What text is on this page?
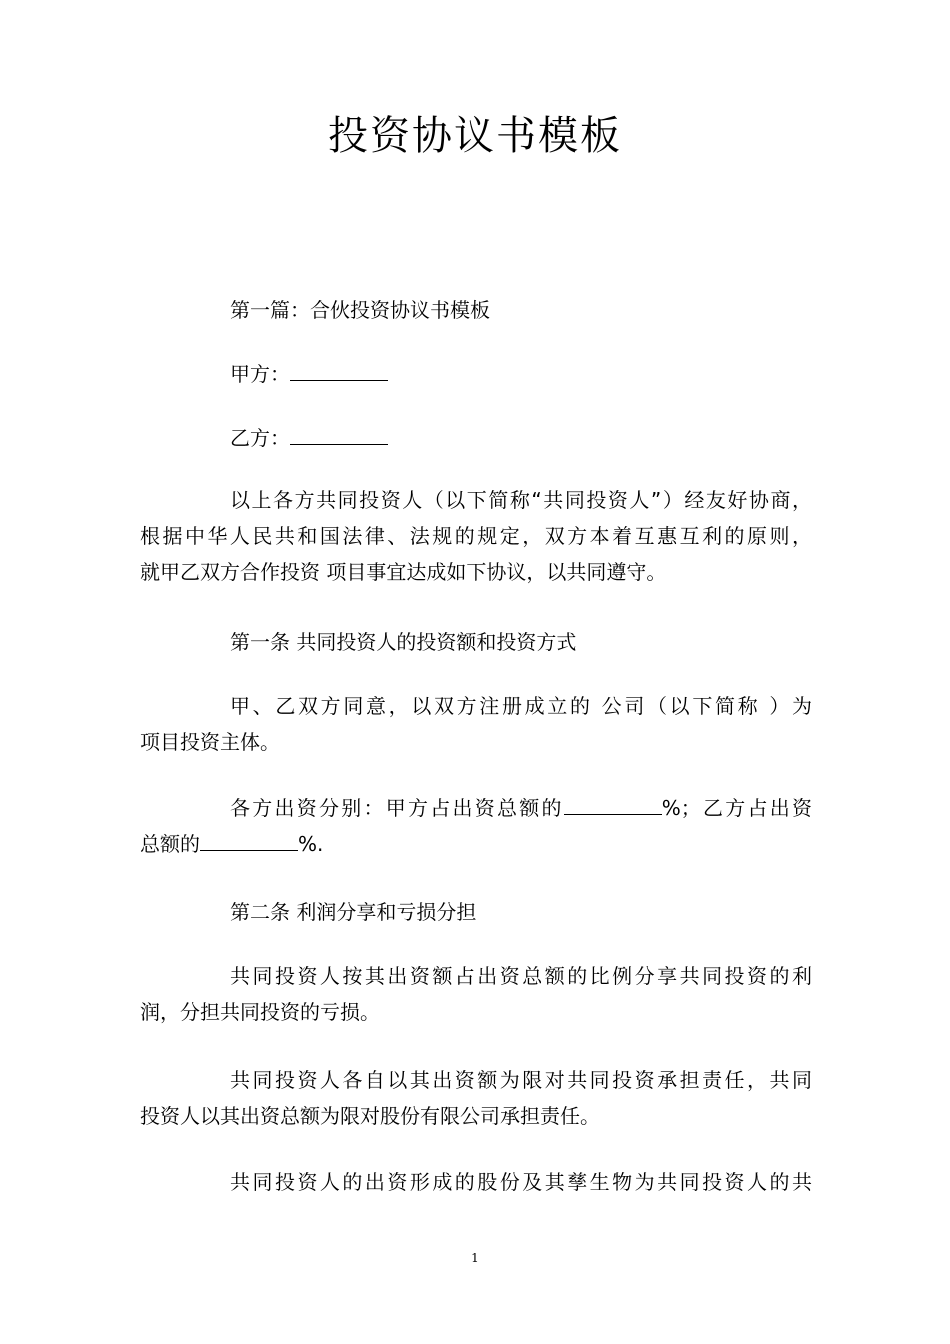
投资协议书模板
第一篇：合伙投资协议书模板
甲方：
乙方：
以上各方共同投资人（以下简称“共同投资人”）经友好协商，
根据中华人民共和国法律、法规的规定，双方本着互惠互利的原则，
就甲乙双方合作投资 项目事宜达成如下协议，以共同遵守。
第一条 共同投资人的投资额和投资方式
甲、乙双方同意，以双方注册成立的 公司（以下简称 ）为
项目投资主体。
各方出资分别：甲方占出资总额的	%；乙方占出资
总额的	%.
第二条 利润分享和亏损分担
共同投资人按其出资额占出资总额的比例分享共同投资的利
润，分担共同投资的亏损。
共同投资人各自以其出资额为限对共同投资承担责任，共同
投资人以其出资总额为限对股份有限公司承担责任。
共同投资人的出资形成的股份及其孳生物为共同投资人的共
1
